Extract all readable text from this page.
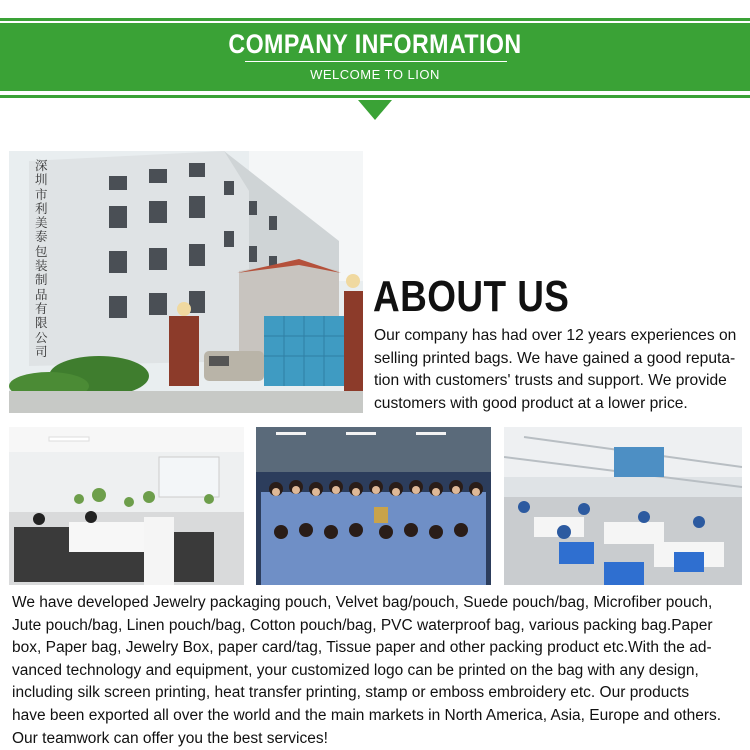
COMPANY INFORMATION
WELCOME TO LION
深圳市利美泰包装制品有限公司
ABOUT US
Our company has had over 12 years experiences on
selling printed bags. We have gained a good reputa-
tion with customers' trusts and support. We provide
customers with good product at a lower price.
We have developed Jewelry packaging pouch, Velvet bag/pouch, Suede pouch/bag, Microfiber pouch,
Jute pouch/bag, Linen pouch/bag, Cotton pouch/bag, PVC waterproof bag, various packing bag.Paper
box, Paper bag, Jewelry Box, paper card/tag, Tissue paper and other packing product etc.With the ad-
vanced technology and equipment, your customized logo can be printed on the bag with any design,
including silk screen printing, heat transfer printing, stamp or emboss embroidery etc. Our products
have been exported all over the world and the main markets in North America, Asia, Europe and others.
Our teamwork can offer you the best services!
